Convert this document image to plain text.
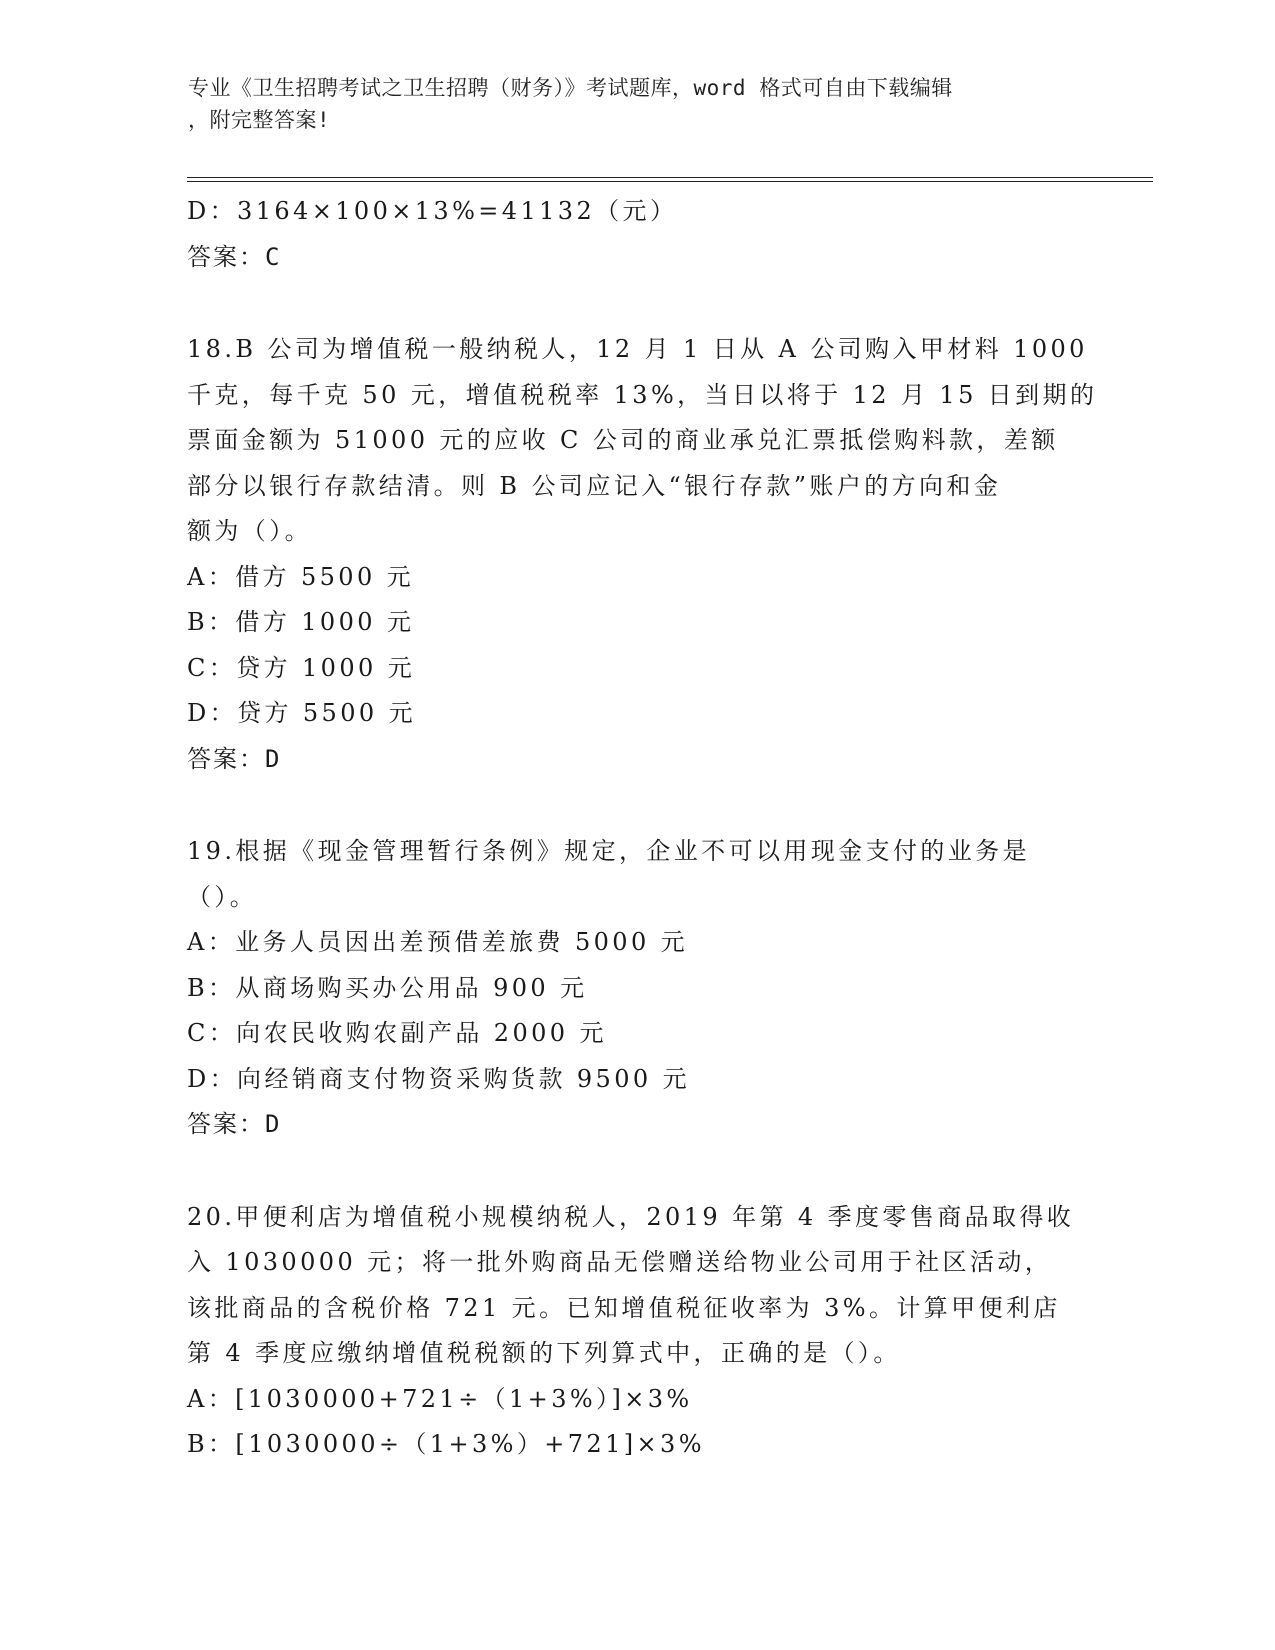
专业《卫生招聘考试之卫生招聘（财务）》考试题库，word 格式可自由下载编辑
，附完整答案!
D：3164×100×13%=41132（元）
答案：C
18.B 公司为增值税一般纳税人，12 月 1 日从 A 公司购入甲材料 1000
千克，每千克 50 元，增值税税率 13%，当日以将于 12 月 15 日到期的
票面金额为 51000 元的应收 C 公司的商业承兑汇票抵偿购料款，差额
部分以银行存款结清。则 B 公司应记入“银行存款”账户的方向和金
额为（）。
A：借方 5500 元
B：借方 1000 元
C：贷方 1000 元
D：贷方 5500 元
答案：D
19.根据《现金管理暂行条例》规定，企业不可以用现金支付的业务是
（）。
A：业务人员因出差预借差旅费 5000 元
B：从商场购买办公用品 900 元
C：向农民收购农副产品 2000 元
D：向经销商支付物资采购货款 9500 元
答案：D
20.甲便利店为增值税小规模纳税人，2019 年第 4 季度零售商品取得收
入 1030000 元；将一批外购商品无偿赠送给物业公司用于社区活动，
该批商品的含税价格 721 元。已知增值税征收率为 3%。计算甲便利店
第 4 季度应缴纳增值税税额的下列算式中，正确的是（）。
A：[1030000+721÷（1+3%）]×3%
B：[1030000÷（1+3%）+721]×3%
